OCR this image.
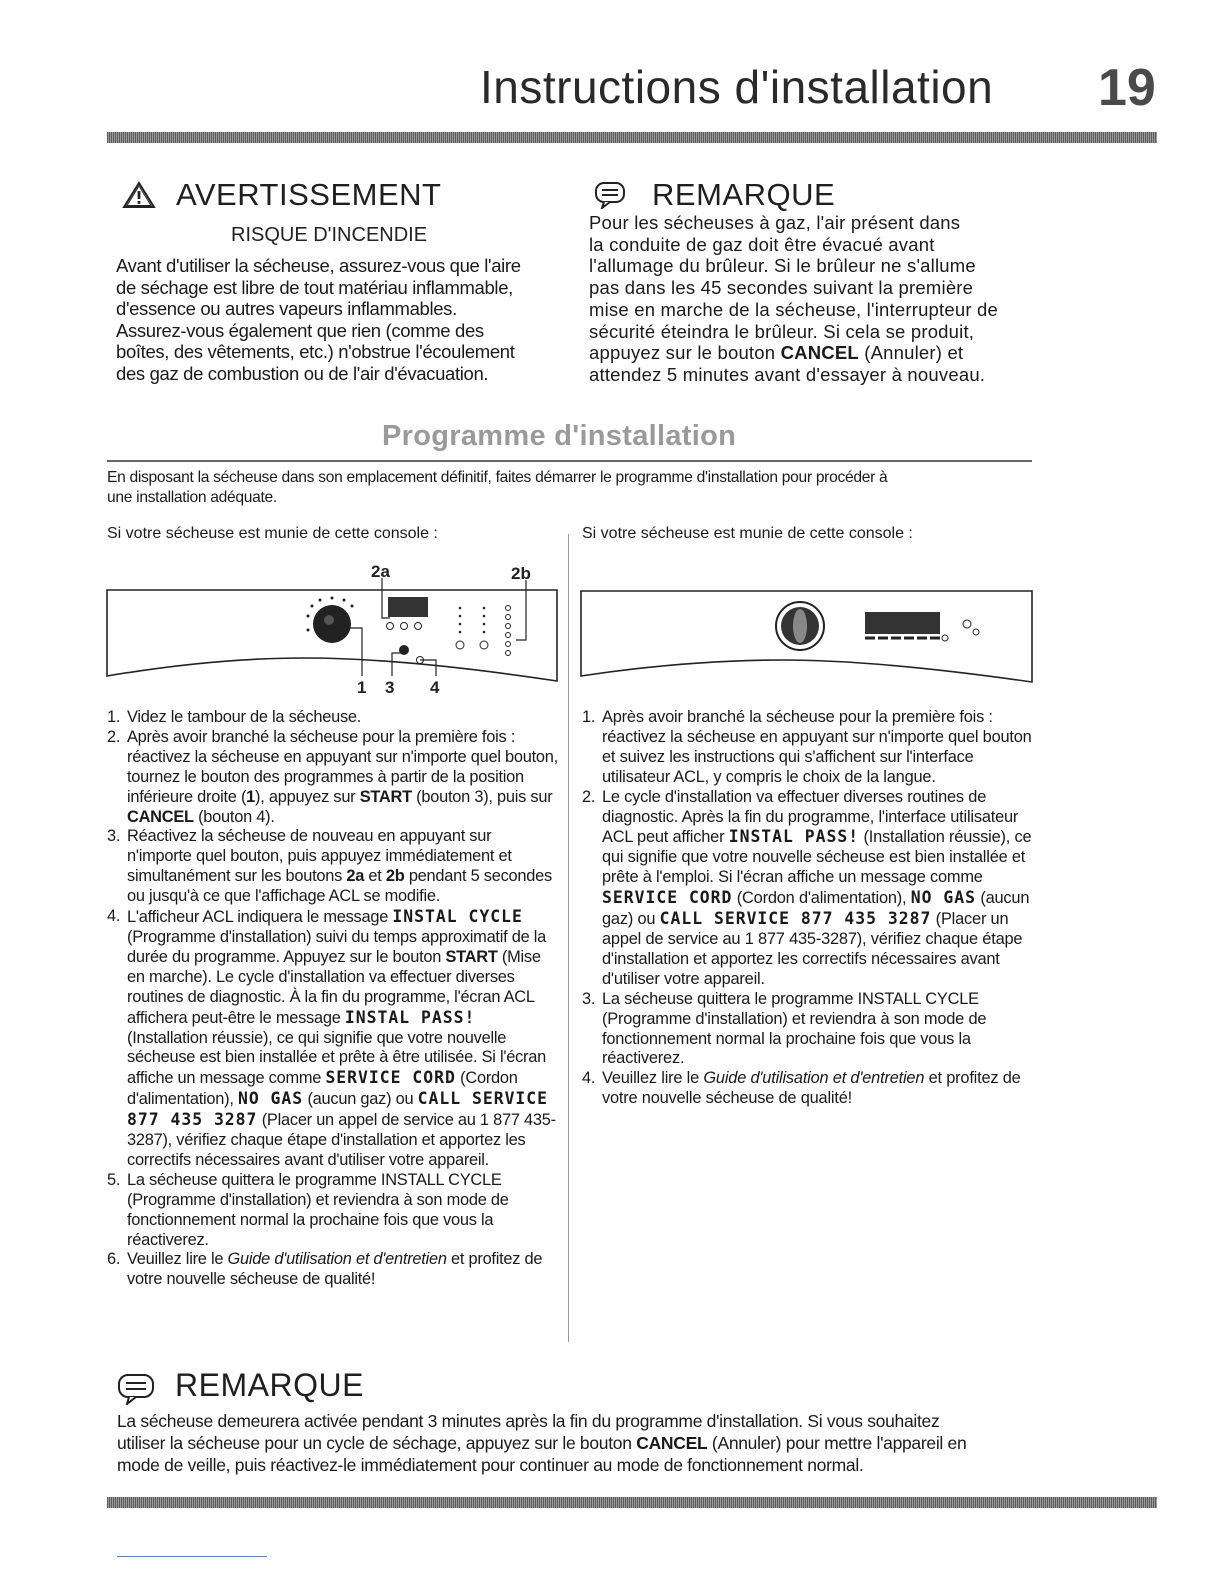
Instructions d'installation 19
AVERTISSEMENT
RISQUE D'INCENDIE
Avant d'utiliser la sécheuse, assurez-vous que l'aire
de séchage est libre de tout matériau inflammable,
d'essence ou autres vapeurs inflammables.
Assurez-vous également que rien (comme des
boîtes, des vêtements, etc.) n'obstrue l'écoulement
des gaz de combustion ou de l'air d'évacuation.
REMARQUE
Pour les sécheuses à gaz, l'air présent dans
la conduite de gaz doit être évacué avant
l'allumage du brûleur. Si le brûleur ne s'allume
pas dans les 45 secondes suivant la première
mise en marche de la sécheuse, l'interrupteur de
sécurité éteindra le brûleur. Si cela se produit,
appuyez sur le bouton CANCEL (Annuler) et
attendez 5 minutes avant d'essayer à nouveau.
Programme d'installation
En disposant la sécheuse dans son emplacement définitif, faites démarrer le programme d'installation pour procéder à
une installation adéquate.
Si votre sécheuse est munie de cette console :
2a	2b
1 3 4
1. Videz le tambour de la sécheuse.
2. Après avoir branché la sécheuse pour la première fois : réactivez la sécheuse en appuyant sur n'importe quel bouton, tournez le bouton des programmes à partir de la position inférieure droite (1), appuyez sur START (bouton 3), puis sur CANCEL (bouton 4).
3. Réactivez la sécheuse de nouveau en appuyant sur n'importe quel bouton, puis appuyez immédiatement et simultanément sur les boutons 2a et 2b pendant 5 secondes ou jusqu'à ce que l'affichage ACL se modifie.
4. L'afficheur ACL indiquera le message INSTAL CYCLE (Programme d'installation) suivi du temps approximatif de la durée du programme. Appuyez sur le bouton START (Mise en marche). Le cycle d'installation va effectuer diverses routines de diagnostic. À la fin du programme, l'écran ACL affichera peut-être le message INSTAL PASS! (Installation réussie), ce qui signifie que votre nouvelle sécheuse est bien installée et prête à être utilisée. Si l'écran affiche un message comme SERVICE CORD (Cordon d'alimentation), NO GAS (aucun gaz) ou CALL SERVICE 877 435 3287 (Placer un appel de service au 1 877 435-3287), vérifiez chaque étape d'installation et apportez les correctifs nécessaires avant d'utiliser votre appareil.
5. La sécheuse quittera le programme INSTALL CYCLE (Programme d'installation) et reviendra à son mode de fonctionnement normal la prochaine fois que vous la réactiverez.
6. Veuillez lire le Guide d'utilisation et d'entretien et profitez de votre nouvelle sécheuse de qualité!
Si votre sécheuse est munie de cette console :
1. Après avoir branché la sécheuse pour la première fois : réactivez la sécheuse en appuyant sur n'importe quel bouton et suivez les instructions qui s'affichent sur l'interface utilisateur ACL, y compris le choix de la langue.
2. Le cycle d'installation va effectuer diverses routines de diagnostic. Après la fin du programme, l'interface utilisateur ACL peut afficher INSTAL PASS! (Installation réussie), ce qui signifie que votre nouvelle sécheuse est bien installée et prête à l'emploi. Si l'écran affiche un message comme SERVICE CORD (Cordon d'alimentation), NO GAS (aucun gaz) ou CALL SERVICE 877 435 3287 (Placer un appel de service au 1 877 435-3287), vérifiez chaque étape d'installation et apportez les correctifs nécessaires avant d'utiliser votre appareil.
3. La sécheuse quittera le programme INSTALL CYCLE (Programme d'installation) et reviendra à son mode de fonctionnement normal la prochaine fois que vous la réactiverez.
4. Veuillez lire le Guide d'utilisation et d'entretien et profitez de votre nouvelle sécheuse de qualité!
REMARQUE
La sécheuse demeurera activée pendant 3 minutes après la fin du programme d'installation. Si vous souhaitez
utiliser la sécheuse pour un cycle de séchage, appuyez sur le bouton CANCEL (Annuler) pour mettre l'appareil en
mode de veille, puis réactivez-le immédiatement pour continuer au mode de fonctionnement normal.
